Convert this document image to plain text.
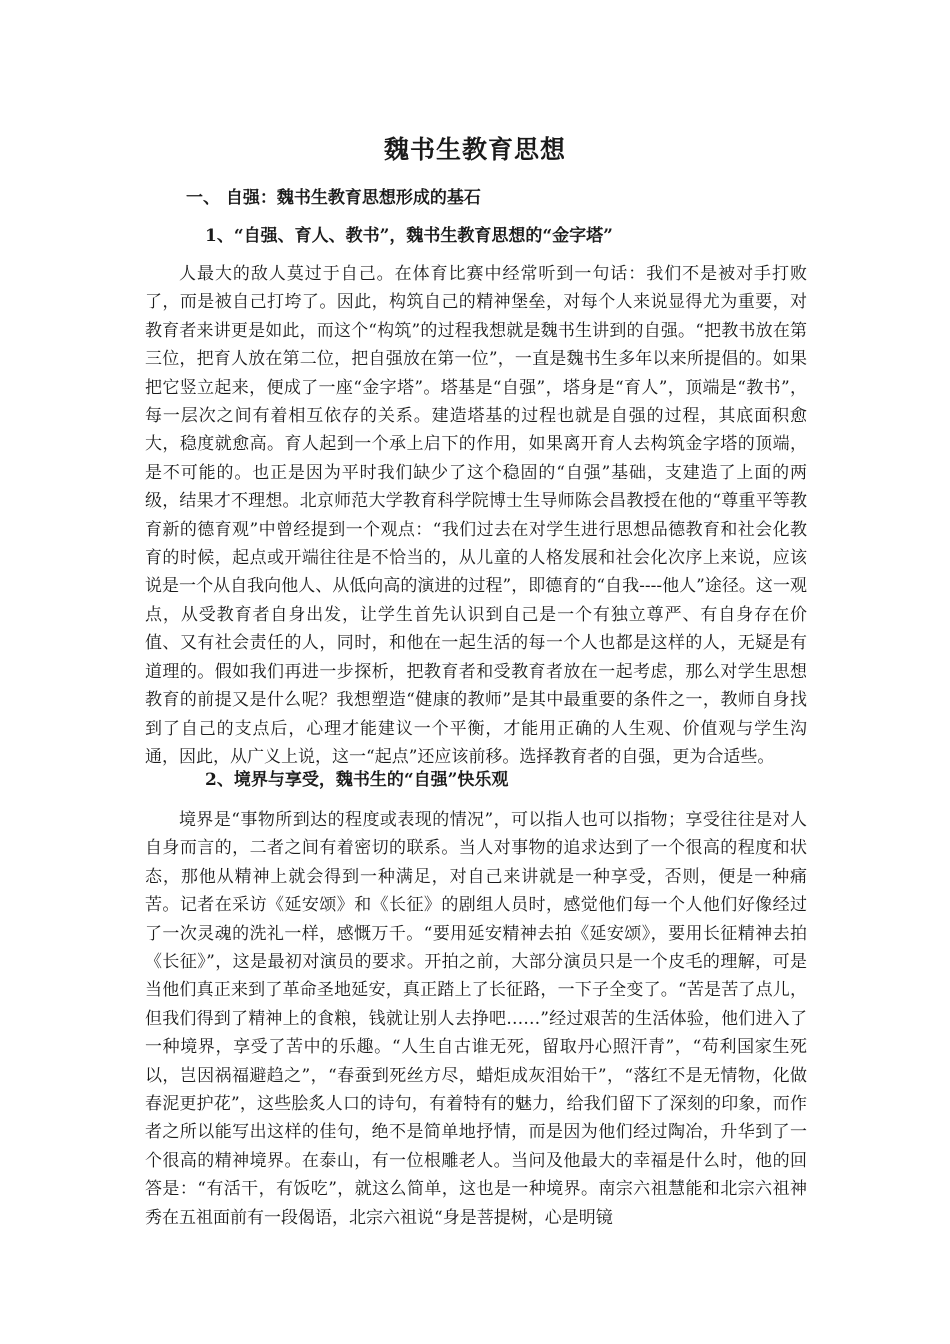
魏书生教育思想
一、 自强：魏书生教育思想形成的基石
1、“自强、育人、教书”，魏书生教育思想的“金字塔”

人最大的敌人莫过于自己。在体育比赛中经常听到一句话：我们不是被对手打败了，而是被自己打垮了。因此，构筑自己的精神堡垒，对每个人来说显得尤为重要，对教育者来讲更是如此，而这个“构筑”的过程我想就是魏书生讲到的自强。“把教书放在第三位，把育人放在第二位，把自强放在第一位”，一直是魏书生多年以来所提倡的。如果把它竖立起来，便成了一座“金字塔”。塔基是“自强”，塔身是“育人”，顶端是“教书”，每一层次之间有着相互依存的关系。建造塔基的过程也就是自强的过程，其底面积愈大，稳度就愈高。育人起到一个承上启下的作用，如果离开育人去构筑金字塔的顶端，是不可能的。也正是因为平时我们缺少了这个稳固的“自强”基础，支建造了上面的两级，结果才不理想。北京师范大学教育科学院博士生导师陈会昌教授在他的“尊重平等教育新的德育观”中曾经提到一个观点：“我们过去在对学生进行思想品德教育和社会化教育的时候，起点或开端往往是不恰当的，从儿童的人格发展和社会化次序上来说，应该说是一个从自我向他人、从低向高的演进的过程”，即德育的“自我----他人”途径。这一观点，从受教育者自身出发，让学生首先认识到自己是一个有独立尊严、有自身存在价值、又有社会责任的人，同时，和他在一起生活的每一个人也都是这样的人，无疑是有道理的。假如我们再进一步探析，把教育者和受教育者放在一起考虑，那么对学生思想教育的前提又是什么呢？我想塑造“健康的教师”是其中最重要的条件之一，教师自身找到了自己的支点后，心理才能建议一个平衡，才能用正确的人生观、价值观与学生沟通，因此，从广义上说，这一“起点”还应该前移。选择教育者的自强，更为合适些。

2、境界与享受，魏书生的“自强”快乐观

境界是“事物所到达的程度或表现的情况”，可以指人也可以指物；享受往往是对人自身而言的，二者之间有着密切的联系。当人对事物的追求达到了一个很高的程度和状态，那他从精神上就会得到一种满足，对自己来讲就是一种享受，否则，便是一种痛苦。记者在采访《延安颂》和《长征》的剧组人员时，感觉他们每一个人他们好像经过了一次灵魂的洗礼一样，感慨万千。“要用延安精神去拍《延安颂》，要用长征精神去拍《长征》”，这是最初对演员的要求。开拍之前，大部分演员只是一个皮毛的理解，可是当他们真正来到了革命圣地延安，真正踏上了长征路，一下子全变了。“苦是苦了点儿，但我们得到了精神上的食粮，钱就让别人去挣吧……”经过艰苦的生活体验，他们进入了一种境界，享受了苦中的乐趣。“人生自古谁无死，留取丹心照汗青”，“苟利国家生死以，岂因祸福避趋之”，“春蚕到死丝方尽，蜡炬成灰泪始干”，“落红不是无情物，化做春泥更护花”，这些脍炙人口的诗句，有着特有的魅力，给我们留下了深刻的印象，而作者之所以能写出这样的佳句，绝不是简单地抒情，而是因为他们经过陶冶，升华到了一个很高的精神境界。在泰山，有一位根雕老人。当问及他最大的幸福是什么时，他的回答是：“有活干，有饭吃”，就这么简单，这也是一种境界。南宗六祖慧能和北宗六祖神秀在五祖面前有一段偈语，北宗六祖说“身是菩提树，心是明镜
